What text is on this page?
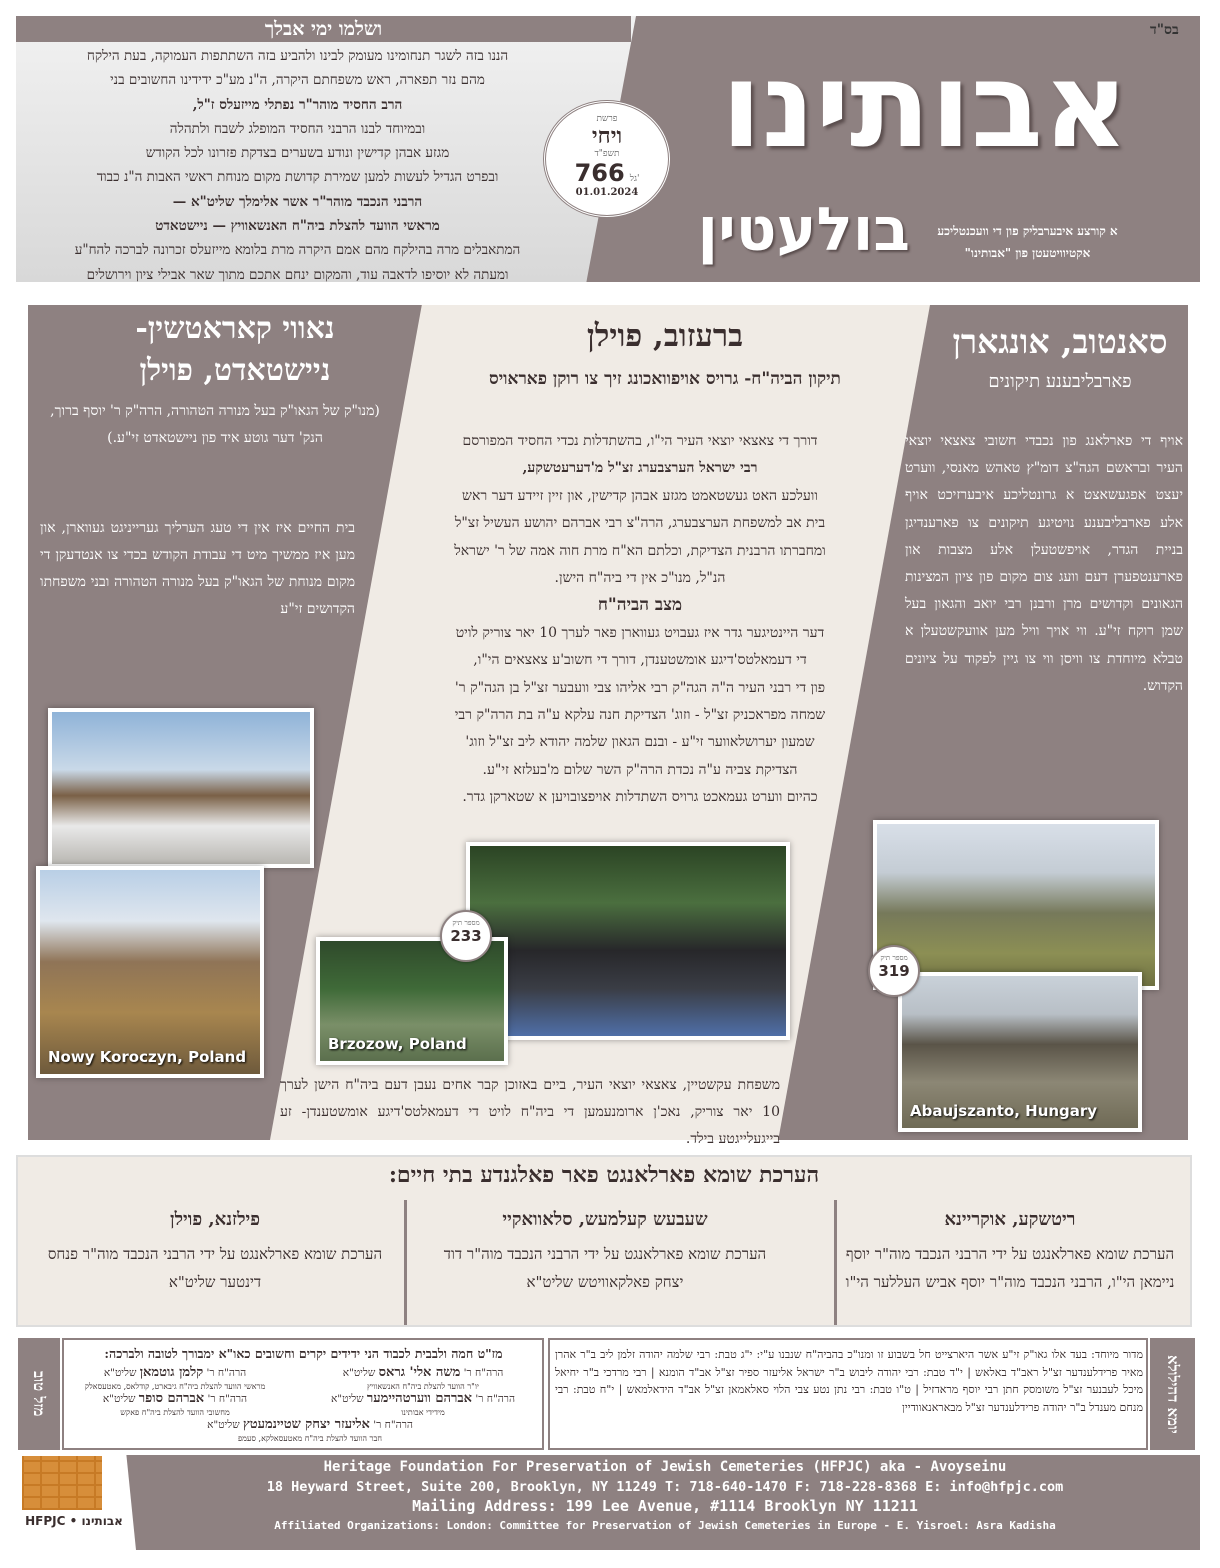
בס"ד
ושלמו ימי אבלך
הננו בזה לשגר תנחומינו מעומק לבינו ולהביע בזה השתתפות העמוקה, בעת הילקח
מהם נזר תפארה, ראש משפחתם היקרה, ה"נ מע"כ ידידינו החשובים בני
הרב החסיד מוהר"ר נפתלי מייזעלס ז"ל,
ובמיוחד לבנו הרבני החסיד המופלג לשבח ולתהלה
מגזע אבהן קדישין ונודע בשערים בצדקת פזרונו לכל הקודש
ובפרט הגדיל לעשות למען שמירת קדושת מקום מנוחת ראשי האבות ה"נ כבוד
הרבני הנכבד מוהר"ר אשר אלימלך שליט"א —
מראשי הוועד להצלת ביה"ח האנשאוויץ — ניישטאדט
המתאבלים מרה בהילקח מהם אמם היקרה מרת בלומא מייזעלס זכרונה לברכה להח"ע
ומעתה לא יוסיפו לדאבה עוד, והמקום ינחם אתכם מתוך שאר אבילי ציון וירושלים
אבותינו
בולעטין	א קורצע איבערבליק פון די וועכנטליכע אקטיוויטעטן פון "אבותינו"
פרשת
ויחי
תשפ"ד
766 גל'
01.01.2024
נאווי קאראטשין-
ניישטאדט, פוילן
(מנו"ק של הגאו"ק בעל מנורה הטהורה, הרה"ק ר' יוסף ברוך, הנק' דער גוטע איד פון ניישטאדט זי"ע.)
בית החיים איז אין די טעג הערליך גערייניגט געווארן, און מען איז ממשיך מיט די עבודת הקודש בכדי צו אנטדעקן די מקום מנוחת של הגאו"ק בעל מנורה הטהורה ובני משפחתו הקדושים זי"ע
ברעזוב, פוילן
תיקון הביה"ח- גרויס אויפוואכונג זיך צו רוקן פאראויס
דורך די צאצאי יוצאי העיר הי"ו, בהשתדלות נכדי החסיד המפורסם
רבי ישראל הערצבערג זצ"ל מ'דערעטשקע,
וועלכע האט געשטאמט מגזע אבהן קדישין, און זיין זיידע דער ראש
בית אב למשפחת הערצבערג, הרה"צ רבי אברהם יהושע העשיל זצ"ל
ומחברתו הרבנית הצדיקת, וכלתם הא"ח מרת חוה אמה של ר' ישראל
הנ"ל, מנו"כ אין די ביה"ח הישן.
מצב הביה"ח
דער היינטיגער גדר איז געבויט געווארן פאר לערך 10 יאר צוריק לויט
די דעמאלטס'דיגע אומשטענדן, דורך די חשוב'ע צאצאים הי"ו,
פון די רבני העיר ה"ה הגה"ק רבי אליהו צבי וועבער זצ"ל בן הגה"ק ר'
שמחה מפראכניק זצ"ל - וזוג' הצדיקת חנה עלקא ע"ה בת הרה"ק רבי
שמעון יערושלאווער זי"ע - ובנם הגאון שלמה יהודא ליב זצ"ל וזוג'
הצדיקת צביה ע"ה נכדת הרה"ק השר שלום מ'בעלזא זי"ע.
כהיום ווערט געמאכט גרויס השתדלות אויפצובויען א שטארקן גדר.
משפחת עקשטיין, צאצאי יוצאי העיר, ביים באזוכן קבר אחים נעבן דעם ביה"ח הישן לערך 10 יאר צוריק, נאכ'ן ארומנעמען די ביה"ח לויט די דעמאלטס'דיגע אומשטענדן- זע בייגעלייגטע בילד.
סאנטוב, אונגארן
פארבליבענע תיקונים
אויף די פארלאנג פון נכבדי חשובי צאצאי יוצאי העיר ובראשם הגה"צ דומ"ץ טאהש מאנסי, ווערט יעצט אפגעשאצט א גרונטליכע איבערזיכט אויף אלע פארבליבענע נויטיגע תיקונים צו פארענדיגן בניית הגדר, אויפשטעלן אלע מצבות און פארענטפערן דעם וועג צום מקום פון ציון המצינות הגאונים וקדושים מרן ורבנן רבי יואב והגאון בעל שמן רוקח זי"ע. ווי אויך וויל מען אוועקשטעלן א טבלא מיוחדת צו וויסן ווי צו גיין לפקוד על ציונים הקדוש.
Nowy Koroczyn, Poland
Brzozow, Poland
Abaujszanto, Hungary
מספר תיק
233
מספר תיק
319
הערכת שומא פארלאנגט פאר פאלגנדע בתי חיים:
ריטשקע, אוקריינא
הערכת שומא פארלאנגט על ידי הרבני הנכבד מוה"ר יוסף ניימאן הי"ו, הרבני הנכבד מוה"ר יוסף אביש העללער הי"ו
שעבעש קעלמעש, סלאוואקיי
הערכת שומא פארלאנגט על ידי הרבני הנכבד מוה"ר דוד יצחק פאלקאוויטש שליט"א
פילזנא, פוילן
הערכת שומא פארלאנגט על ידי הרבני הנכבד מוה"ר פנחס דינטער שליט"א
יומא דהילולא
מדור מיוחד: בעד אלו גאו"ק זי"ע אשר היארצייט חל בשבוע זו ומנו"כ בהביה"ח שנבנו ע"י: י"ג טבת: רבי שלמה יהודה זלמן ליב ב"ר אהרן מאיר פרידלענדער זצ"ל ראב"ד באלאש | י"ד טבת: רבי יהודה ליבוש ב"ר ישראל אליעזר ספיר זצ"ל אב"ד הומנא | רבי מרדכי ב"ר יחיאל מיכל לעבנער זצ"ל משומסק חתן רבי יוסף מראדזיל | ט"ו טבת: רבי נתן נטע צבי הלוי סאלאמאן זצ"ל אב"ד הידאלמאש | י"ח טבת: רבי מנחם מענדל ב"ר יהודה פרידלענדער זצ"ל מבאראנאוודיין
מזל טוב
מז"ט חמה ולבבית לכבוד הני ידידים יקרים וחשובים כאו"א ימבורך לטובה ולברכה:
הרה"ח ר' משה אלי' גראס שליט"א
יו"ר הוועד להצלת ביה"ח האנשאוויץ
הרה"ח ר' קלמן גוטמאן שליט"א
מראשי הוועד להצלת ביה"ח גיבארט, קודלאס, מאטעסאלק
הרה"ח ר' אברהם ווערטהיימער שליט"א
מידידי אבותינו
הרה"ח ר' אברהם סופר שליט"א
מחשובי הוועד להצלת ביה"ח פאקש
הרה"ח ר' אליעזר יצחק שטיינמעטץ שליט"א
חבר הוועד להצלת ביה"ח מאטעסאלקא, סעמפ
HFPJC • אבותינו
Heritage Foundation For Preservation of Jewish Cemeteries (HFPJC) aka - Avoyseinu
18 Heyward Street, Suite 200, Brooklyn, NY 11249 T: 718-640-1470 F: 718-228-8368 E: info@hfpjc.com
Mailing Address: 199 Lee Avenue, #1114 Brooklyn NY 11211
Affiliated Organizations: London: Committee for Preservation of Jewish Cemeteries in Europe - E. Yisroel: Asra Kadisha
